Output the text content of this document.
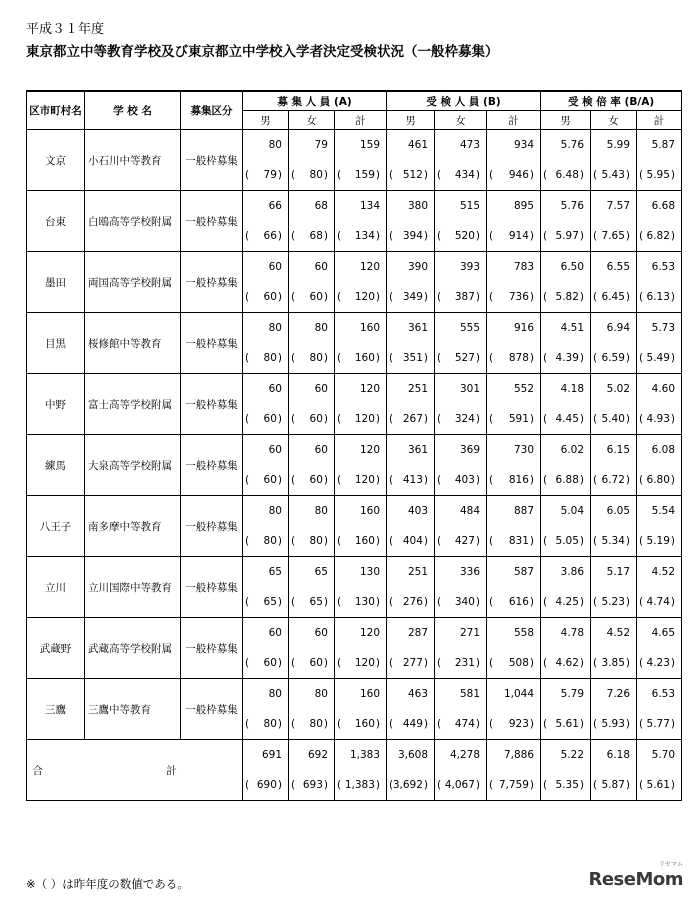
平成３１年度
東京都立中等教育学校及び東京都立中学校入学者決定受検状況（一般枠募集）
区市町村名	学 校 名	募集区分	募 集 人 員 (A)			受 検 人 員 (B)			受 検 倍 率 (B/A)		
			男	女	計	男	女	計	男	女	計
文京	小石川中等教育	一般枠募集	80	79	159	461	473	934	5.76	5.99	5.87

			( 79)	( 80)	( 159)	( 512)	( 434)	( 946)	( 6.48)	( 5.43)	( 5.95)
台東	白鴎高等学校附属	一般枠募集	66	68	134	380	515	895	5.76	7.57	6.68

			( 66)	( 68)	( 134)	( 394)	( 520)	( 914)	( 5.97)	( 7.65)	( 6.82)
墨田	両国高等学校附属	一般枠募集	60	60	120	390	393	783	6.50	6.55	6.53

			( 60)	( 60)	( 120)	( 349)	( 387)	( 736)	( 5.82)	( 6.45)	( 6.13)
目黒	桜修館中等教育	一般枠募集	80	80	160	361	555	916	4.51	6.94	5.73

			( 80)	( 80)	( 160)	( 351)	( 527)	( 878)	( 4.39)	( 6.59)	( 5.49)
中野	富士高等学校附属	一般枠募集	60	60	120	251	301	552	4.18	5.02	4.60

			( 60)	( 60)	( 120)	( 267)	( 324)	( 591)	( 4.45)	( 5.40)	( 4.93)
練馬	大泉高等学校附属	一般枠募集	60	60	120	361	369	730	6.02	6.15	6.08

			( 60)	( 60)	( 120)	( 413)	( 403)	( 816)	( 6.88)	( 6.72)	( 6.80)
八王子	南多摩中等教育	一般枠募集	80	80	160	403	484	887	5.04	6.05	5.54

			( 80)	( 80)	( 160)	( 404)	( 427)	( 831)	( 5.05)	( 5.34)	( 5.19)
立川	立川国際中等教育	一般枠募集	65	65	130	251	336	587	3.86	5.17	4.52

			( 65)	( 65)	( 130)	( 276)	( 340)	( 616)	( 4.25)	( 5.23)	( 4.74)
武蔵野	武蔵高等学校附属	一般枠募集	60	60	120	287	271	558	4.78	4.52	4.65

			( 60)	( 60)	( 120)	( 277)	( 231)	( 508)	( 4.62)	( 3.85)	( 4.23)
三鷹	三鷹中等教育	一般枠募集	80	80	160	463	581	1,044	5.79	7.26	6.53

			( 80)	( 80)	( 160)	( 449)	( 474)	( 923)	( 5.61)	( 5.93)	( 5.77)
合 計			691	692	1,383	3,608	4,278	7,886	5.22	6.18	5.70

			( 690)	( 693)	( 1,383)	( 3,692)	( 4,067)	( 7,759)	( 5.35)	( 5.87)	( 5.61)
※（ ）は昨年度の数値である。
リセマム
ReseMom
